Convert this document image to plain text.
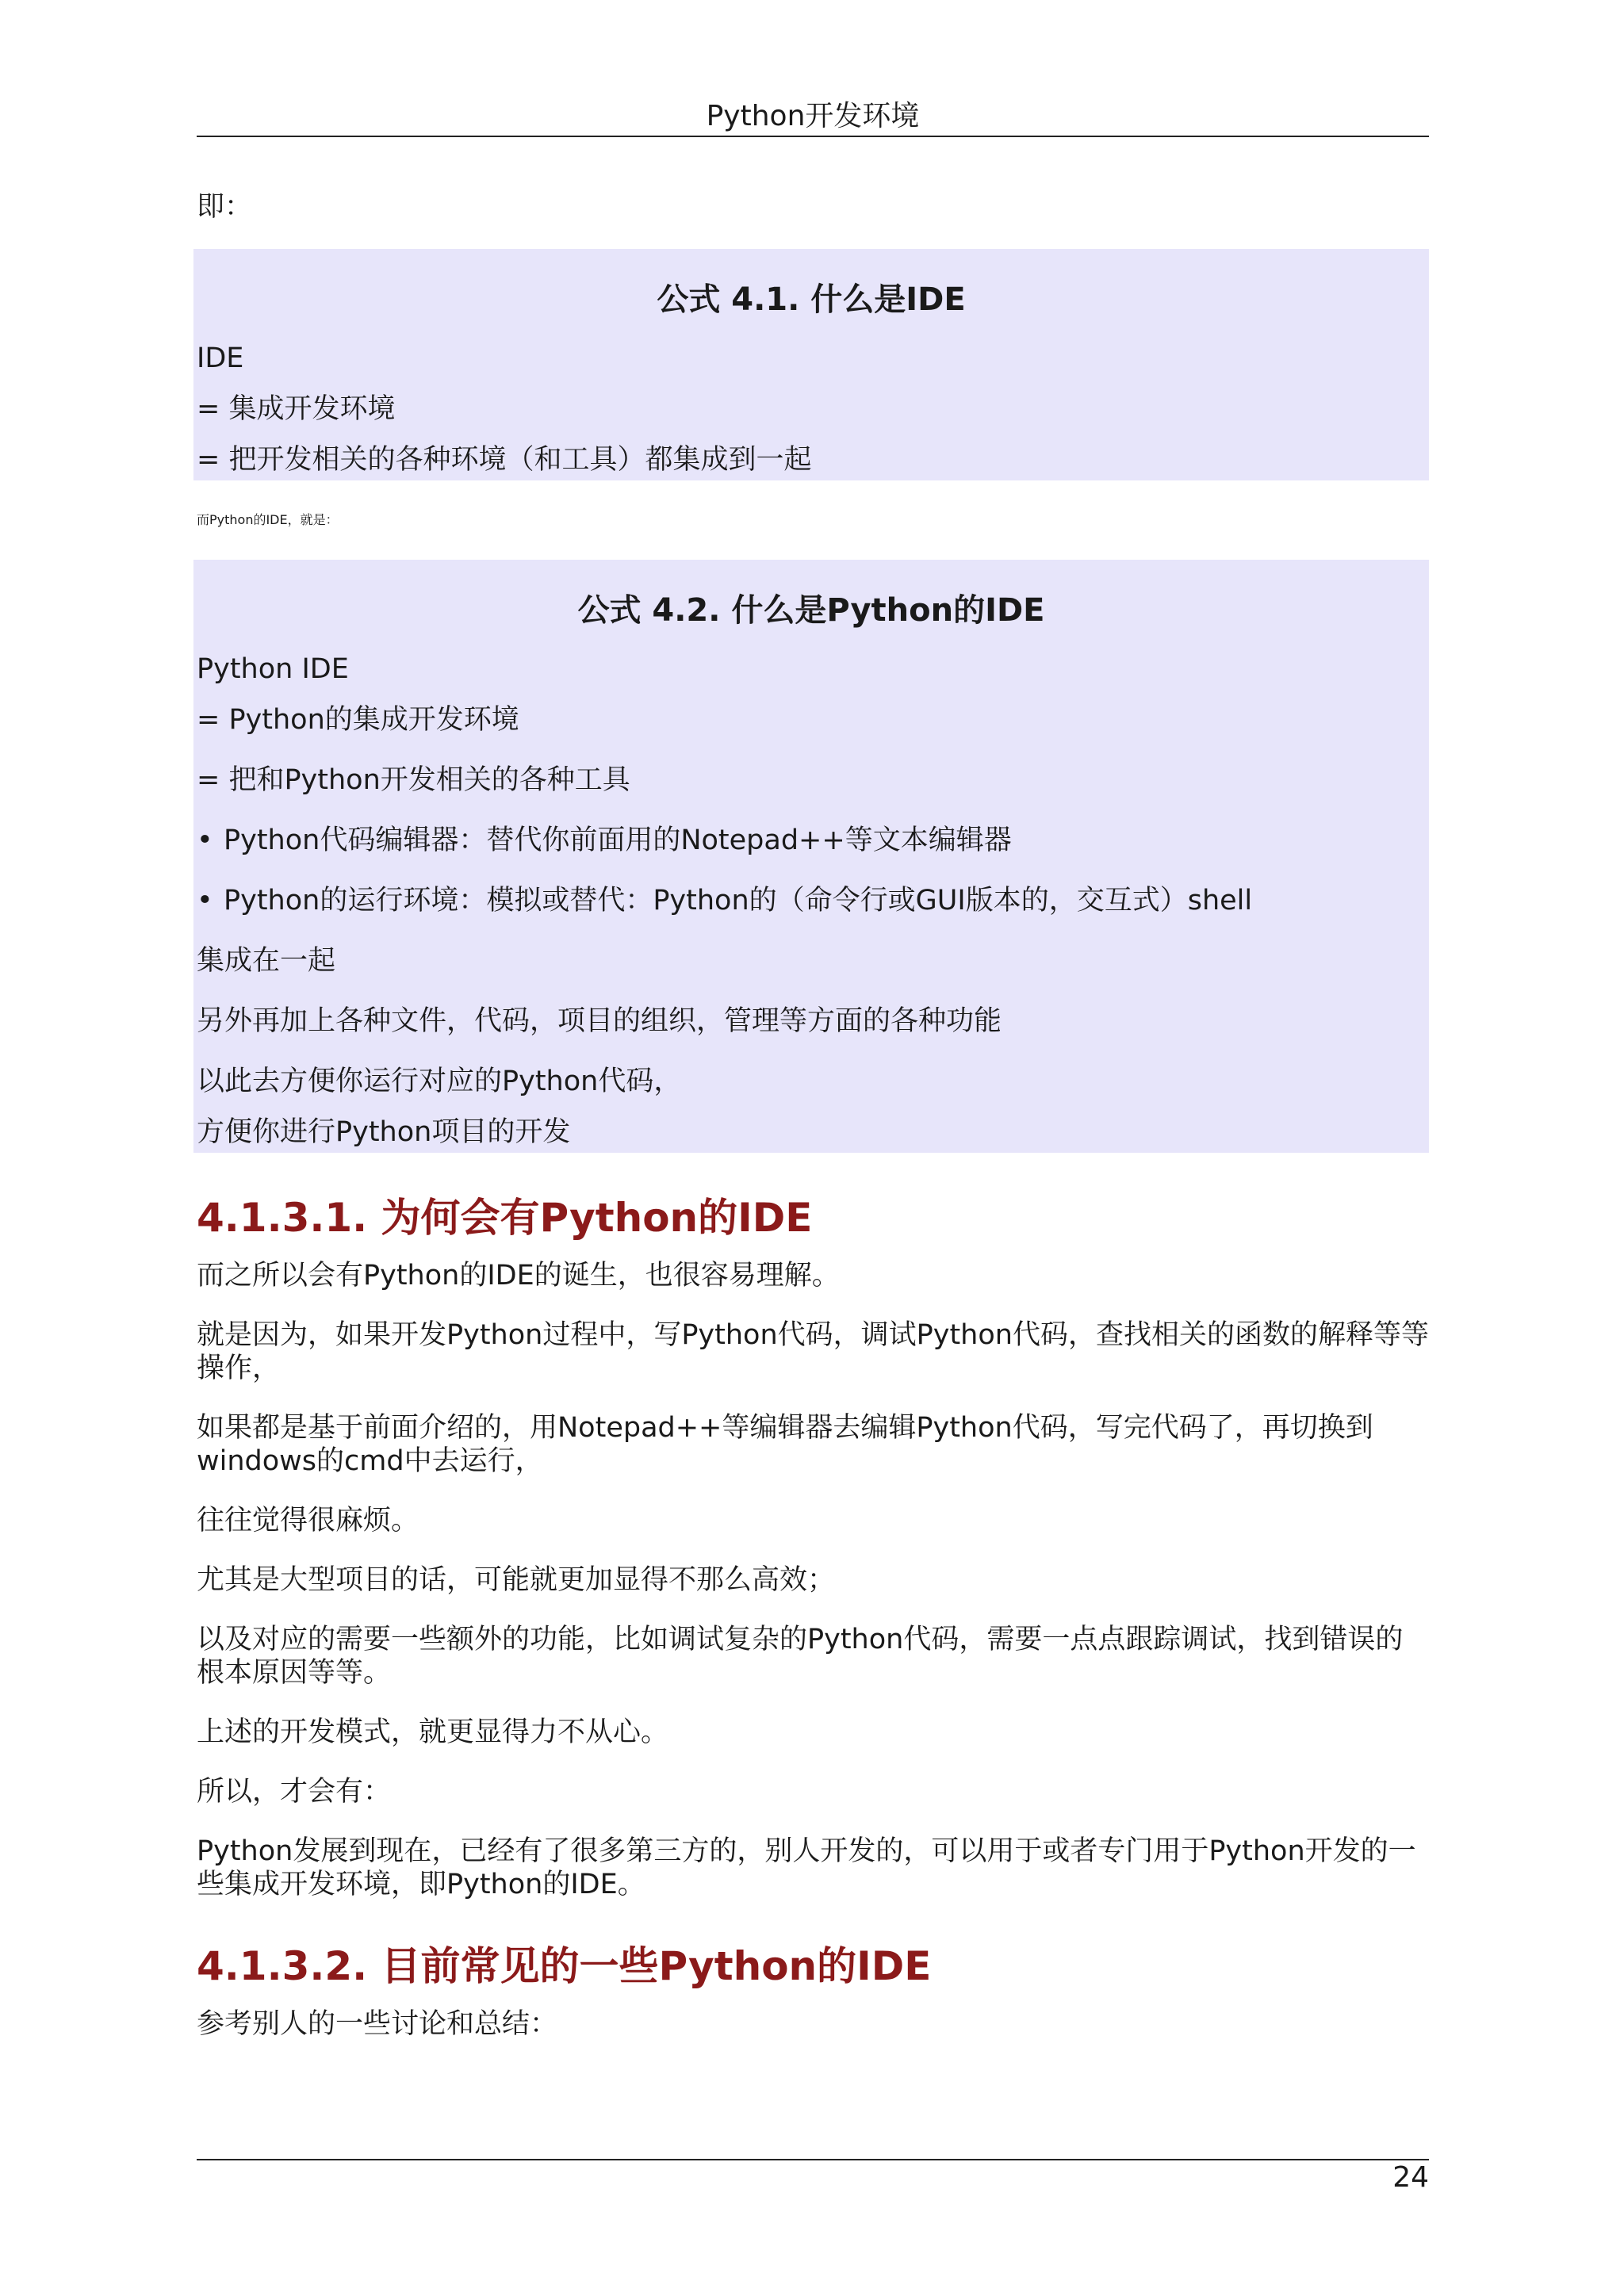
Python开发环境

即：

公式 4.1. 什么是IDE
IDE
= 集成开发环境
= 把开发相关的各种环境（和工具）都集成到一起
而Python的IDE，就是：
公式 4.2. 什么是Python的IDE
Python IDE
= Python的集成开发环境
= 把和Python开发相关的各种工具
• Python代码编辑器：替代你前面用的Notepad++等文本编辑器
• Python的运行环境：模拟或替代：Python的（命令行或GUI版本的，交互式）shell
集成在一起
另外再加上各种文件，代码，项目的组织，管理等方面的各种功能
以此去方便你运行对应的Python代码，
方便你进行Python项目的开发
4.1.3.1. 为何会有Python的IDE

而之所以会有Python的IDE的诞生，也很容易理解。

就是因为，如果开发Python过程中，写Python代码，调试Python代码，查找相关的函数的解释等等操作，

如果都是基于前面介绍的，用Notepad++等编辑器去编辑Python代码，写完代码了，再切换到windows的cmd中去运行，

往往觉得很麻烦。

尤其是大型项目的话，可能就更加显得不那么高效；

以及对应的需要一些额外的功能，比如调试复杂的Python代码，需要一点点跟踪调试，找到错误的根本原因等等。

上述的开发模式，就更显得力不从心。

所以，才会有：

Python发展到现在，已经有了很多第三方的，别人开发的，可以用于或者专门用于Python开发的一些集成开发环境，即Python的IDE。

4.1.3.2. 目前常见的一些Python的IDE

参考别人的一些讨论和总结：

24
